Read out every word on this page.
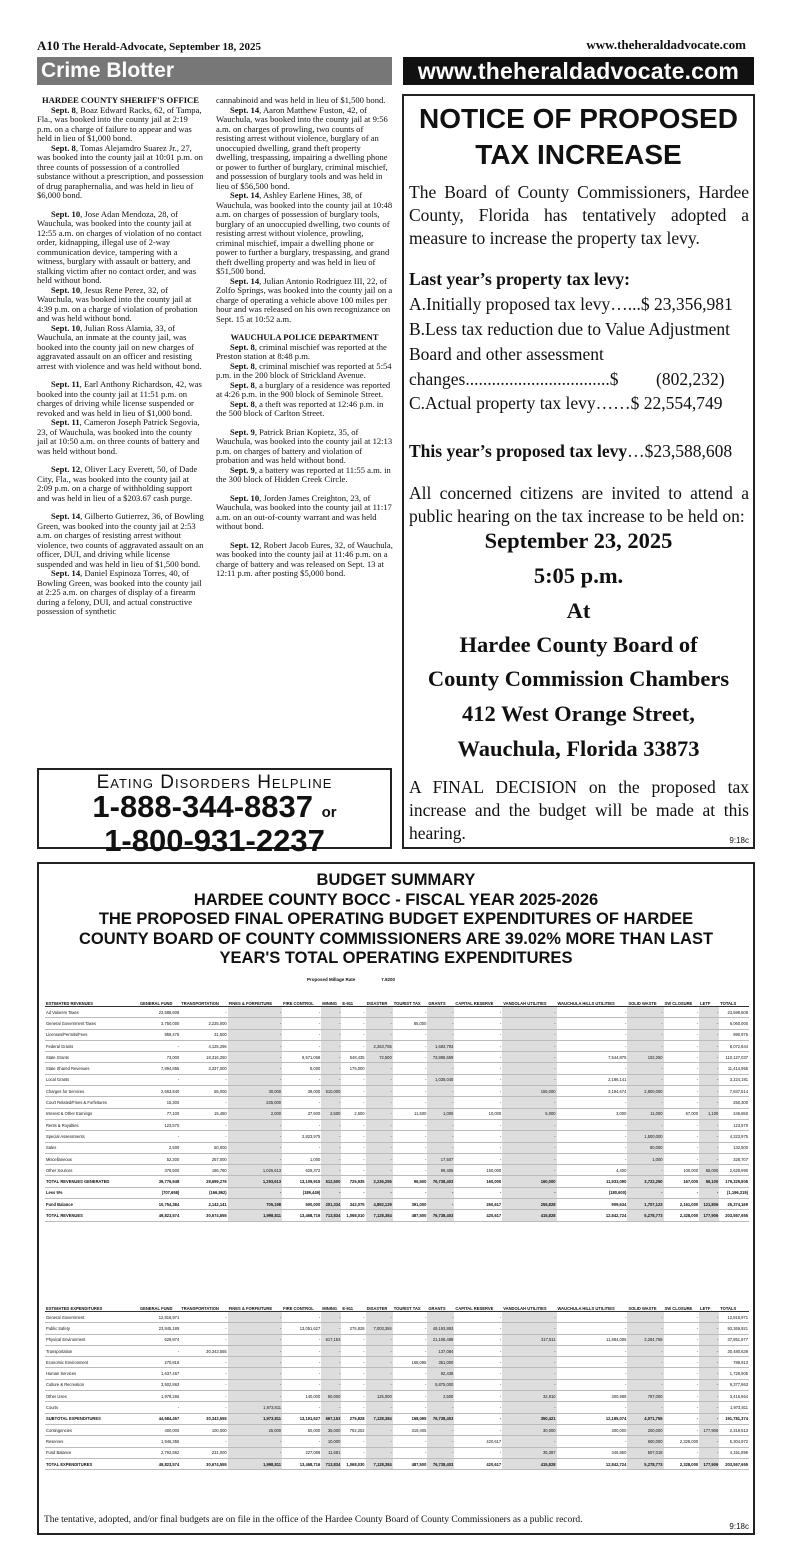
A10 The Herald-Advocate, September 18, 2025	www.theheraldadvocate.com
Crime Blotter	www.theheraldadvocate.com

HARDEE COUNTY SHERIFF'S OFFICE

Sept. 8, Boaz Edward Racks, 62, of Tampa, Fla., was booked into the county jail at 2:19 p.m. on a charge of failure to appear and was held in lieu of $1,000 bond.

Sept. 8, Tomas Alejamdro Suarez Jr., 27, was booked into the county jail at 10:01 p.m. on three counts of possession of a controlled substance without a prescription, and possession of drug paraphernalia, and was held in lieu of $6,000 bond.

Sept. 10, Jose Adan Mendoza, 28, of Wauchula, was booked into the county jail at 12:55 a.m. on charges of violation of no contact order, kidnapping, illegal use of 2-way communication device, tampering with a witness, burglary with assault or battery, and stalking victim after no contact order, and was held without bond.

Sept. 10, Jesus Rene Perez, 32, of Wauchula, was booked into the county jail at 4:39 p.m. on a charge of violation of probation and was held without bond.

Sept. 10, Julian Ross Alamia, 33, of Wauchula, an inmate at the county jail, was booked into the county jail on new charges of aggravated assault on an officer and resisting arrest with violence and was held without bond.

Sept. 11, Earl Anthony Richardson, 42, was booked into the county jail at 11:51 p.m. on charges of driving while license suspended or revoked and was held in lieu of $1,000 bond.

Sept. 11, Cameron Joseph Patrick Segovia, 23, of Wauchula, was booked into the county jail at 10:50 a.m. on three counts of battery and was held without bond.

Sept. 12, Oliver Lacy Everett, 50, of Dade City, Fla., was booked into the county jail at 2:09 p.m. on a charge of withholding support and was held in lieu of a $203.67 cash purge.

Sept. 14, Gilberto Gutierrez, 36, of Bowling Green, was booked into the county jail at 2:53 a.m. on charges of resisting arrest without violence, two counts of aggravated assault on an officer, DUI, and driving while license suspended and was held in lieu of $1,500 bond.

Sept. 14, Daniel Espinoza Torres, 40, of Bowling Green, was booked into the county jail at 2:25 a.m. on charges of display of a firearm during a felony, DUI, and actual constructive possession of synthetic

cannabinoid and was held in lieu of $1,500 bond.

Sept. 14, Aaron Matthew Fuston, 42, of Wauchula, was booked into the county jail at 9:56 a.m. on charges of prowling, two counts of resisting arrest without violence, burglary of an unoccupied dwelling, grand theft property dwelling, trespassing, impairing a dwelling phone or power to further of burglary, criminal mischief, and possession of burglary tools and was held in lieu of $56,500 bond.

Sept. 14, Ashley Earlene Hines, 38, of Wauchula, was booked into the county jail at 10:48 a.m. on charges of possession of burglary tools, burglary of an unoccupied dwelling, two counts of resisting arrest without violence, prowling, criminal mischief, impair a dwelling phone or power to further a burglary, trespassing, and grand theft dwelling property and was held in lieu of $51,500 bond.

Sept. 14, Julian Antonio Rodriguez III, 22, of Zolfo Springs, was booked into the county jail on a charge of operating a vehicle above 100 miles per hour and was released on his own recognizance on Sept. 15 at 10:52 a.m.

WAUCHULA POLICE DEPARTMENT

Sept. 8, criminal mischief was reported at the Preston station at 8:48 p.m.

Sept. 8, criminal mischief was reported at 5:54 p.m. in the 200 block of Strickland Avenue.

Sept. 8, a burglary of a residence was reported at 4:26 p.m. in the 900 block of Seminole Street.

Sept. 8, a theft was reported at 12:46 p.m. in the 500 block of Carlton Street.

Sept. 9, Patrick Brian Kopietz, 35, of Wauchula, was booked into the county jail at 12:13 p.m. on charges of battery and violation of probation and was held without bond.

Sept. 9, a battery was reported at 11:55 a.m. in the 300 block of Hidden Creek Circle.

Sept. 10, Jorden James Creighton, 23, of Wauchula, was booked into the county jail at 11:17 a.m. on an out-of-county warrant and was held without bond.

Sept. 12, Robert Jacob Eures, 32, of Wauchula, was booked into the county jail at 11:46 p.m. on a charge of battery and was released on Sept. 13 at 12:11 p.m. after posting $5,000 bond.

NOTICE OF PROPOSED
TAX INCREASE
The Board of County Commissioners, Hardee County, Florida has tentatively adopted a measure to increase the property tax levy.
Last year’s property tax levy:
A.Initially proposed tax levy…...$ 23,356,981
B.Less tax reduction due to Value Adjustment
Board and other assessment
changes.................................$ (802,232)
C.Actual property tax levy……$ 22,554,749
This year’s proposed tax levy…$23,588,608
All concerned citizens are invited to attend a public hearing on the tax increase to be held on:
September 23, 2025
5:05 p.m.
At
Hardee County Board of
County Commission Chambers
412 West Orange Street,
Wauchula, Florida 33873
A FINAL DECISION on the proposed tax increase and the budget will be made at this hearing.	9:18c
Eating Disorders Helpline
1-888-344-8837 or
1-800-931-2237
BUDGET SUMMARY
HARDEE COUNTY BOCC - FISCAL YEAR 2025-2026
THE PROPOSED FINAL OPERATING BUDGET EXPENDITURES OF HARDEE
COUNTY BOARD OF COUNTY COMMISSIONERS ARE 39.02% MORE THAN LAST
YEAR'S TOTAL OPERATING EXPENDITURES
Proposed Millage Rate	7.9200
ESTIMATED REVENUES	GENERAL FUND	TRANSPORTATION	FINES & FORFEITURE	FIRE CONTROL	MINING	E-911	DISASTER	TOURIST TAX	GRANTS	CAPITAL RESERVE	VANDOLAH UTILITIES	WAUCHULA HILLS UTILITIES	SOLID WASTE	SW CLOSURE	LETF	TOTALS
Ad Valorem Taxes	23,588,608	-	-	-	-	-	-	-	-	-	-	-	-	-	-	23,588,608
General Government Taxes	3,750,000	2,225,000	-	-	-	-	-	85,000	-	-	-	-	-	-	-	6,060,000
Licenses/Permits/Fees	959,475	31,500	-	-	-	-	-	-	-	-	-	-	-	-	-	990,975
Federal Grants	-	4,125,296	-	-	-	-	2,263,755	-	1,683,793	-	-	-	-	-	-	8,072,844
State Grants	73,000	18,316,250	-	9,571,068	-	548,435	72,500	-	73,898,659	-	-	7,544,875	102,250	-	-	110,127,037
State Shared Revenues	7,894,855	3,337,000	-	8,000	-	175,000	-	-	-	-	-	-	-	-	-	11,414,955
Local Grants	-	-	-	-	-	-	-	-	1,038,040	-	-	2,186,141	-	-	-	3,224,181
Charges for Services	2,663,840	55,000	30,000	39,000	510,000	-	-	-	-	-	155,000	3,194,674	2,800,000	-	-	7,847,514
Court Related/Fines & Forfeitures	15,300	-	235,000	-	-	-	-	-	-	-	-	-	-	-	-	250,300
Interest & Other Earnings	77,100	15,450	2,000	37,500	2,500	2,500	-	11,500	1,000	10,000	5,000	3,000	11,000	67,000	1,100	246,650
Rents & Royalties	123,570	-	-	-	-	-	-	-	-	-	-	-	-	-	-	123,570
Special Assessments	-	-	-	2,823,975	-	-	-	-	-	-	-	-	1,500,000	-	-	4,323,975
Sales	2,500	50,000	-	-	-	-	-	-	-	-	-	-	80,000	-	-	132,500
Miscellaneous	52,200	257,000	-	1,000	-	-	-	-	17,507	-	-	-	1,000	-	-	328,707
Other Sources	378,500	186,780	1,026,613	629,372	-	-	-	-	99,405	150,000	-	4,400	-	100,000	55,000	2,629,990
TOTAL REVENUES GENERATED	39,776,948	28,699,276	1,293,613	13,109,915	512,500	725,935	2,236,255	96,500	76,738,403	160,000	160,000	11,933,090	3,722,250	167,000	56,100	179,329,805
Less 5%	(707,658)	(166,862)	-	(189,449)	-	-	-	-	-	-	-	(180,600)	-	-	-	(1,196,319)
Fund Balance	10,754,384	2,142,141	705,198	500,000	201,334	342,075	4,892,129	391,000	-	260,617	255,828	909,634	1,707,123	2,161,000	121,806	25,374,169
TOTAL REVENUES	49,823,574	30,674,555	1,998,811	13,468,716	713,834	1,068,010	7,128,384	487,500	76,738,403	420,617	415,828	12,842,724	5,278,773	2,328,000	177,906	203,557,655
ESTIMATED EXPENDITURES	GENERAL FUND	TRANSPORTATION	FINES & FORFEITURE	FIRE CONTROL	MINING	E-911	DISASTER	TOURIST TAX	GRANTS	CAPITAL RESERVE	VANDOLAH UTILITIES	WAUCHULA HILLS UTILITIES	SOLID WASTE	SW CLOSURE	LETF	TOTALS
General Government	12,818,971	-	-	-	-	-	-	-	-	-	-	-	-	-	-	12,818,971
Public Safety	23,845,189	-	-	13,051,627	-	275,828	7,003,384	-	49,193,893	-	-	-	-	-	-	93,369,921
Physical Environment	629,874	-	-	-	617,153	-	-	-	21,108,488	-	317,511	11,884,086	3,284,755	-	-	37,851,677
Transportation	-	30,343,555	-	-	-	-	-	-	137,084	-	-	-	-	-	-	30,480,639
Economic Environment	270,818	-	-	-	-	-	-	168,095	351,000	-	-	-	-	-	-	789,913
Human Services	1,637,467	-	-	-	-	-	-	-	92,438	-	-	-	-	-	-	1,729,905
Culture & Recreation	3,502,863	-	-	-	-	-	-	-	5,875,000	-	-	-	-	-	-	9,377,863
Other Uses	1,978,266	-	-	140,000	50,000	-	125,000	-	2,500	-	32,910	300,988	787,000	-	-	3,416,664
Courts	-	-	1,973,811	-	-	-	-	-	-	-	-	-	-	-	-	1,973,811
SUBTOTAL EXPENDITURES	44,684,457	30,343,555	1,973,811	13,191,627	667,153	275,828	7,128,384	168,095	76,738,403	-	350,421	12,185,074	4,071,755	-	-	191,781,374
Contingencies	400,000	100,000	25,000	50,000	35,000	792,202	-	319,405	-	-	30,000	300,000	200,000	-	177,906	2,319,513
Reserves	1,946,355	-	-	-	10,000	-	-	-	-	420,617	-	-	600,000	2,328,000	-	5,304,972
Fund Balance	2,792,862	231,000	-	227,089	11,681	-	-	-	-	-	35,397	346,850	507,018	-	-	4,151,896
TOTAL EXPENDITURES	49,823,574	30,674,555	1,998,811	13,468,716	713,834	1,068,030	7,128,384	487,500	76,738,403	420,617	415,828	12,842,724	5,278,773	2,328,000	177,906	203,557,655
The tentative, adopted, and/or final budgets are on file in the office of the Hardee County Board of County Commissioners as a public record.
9:18c
